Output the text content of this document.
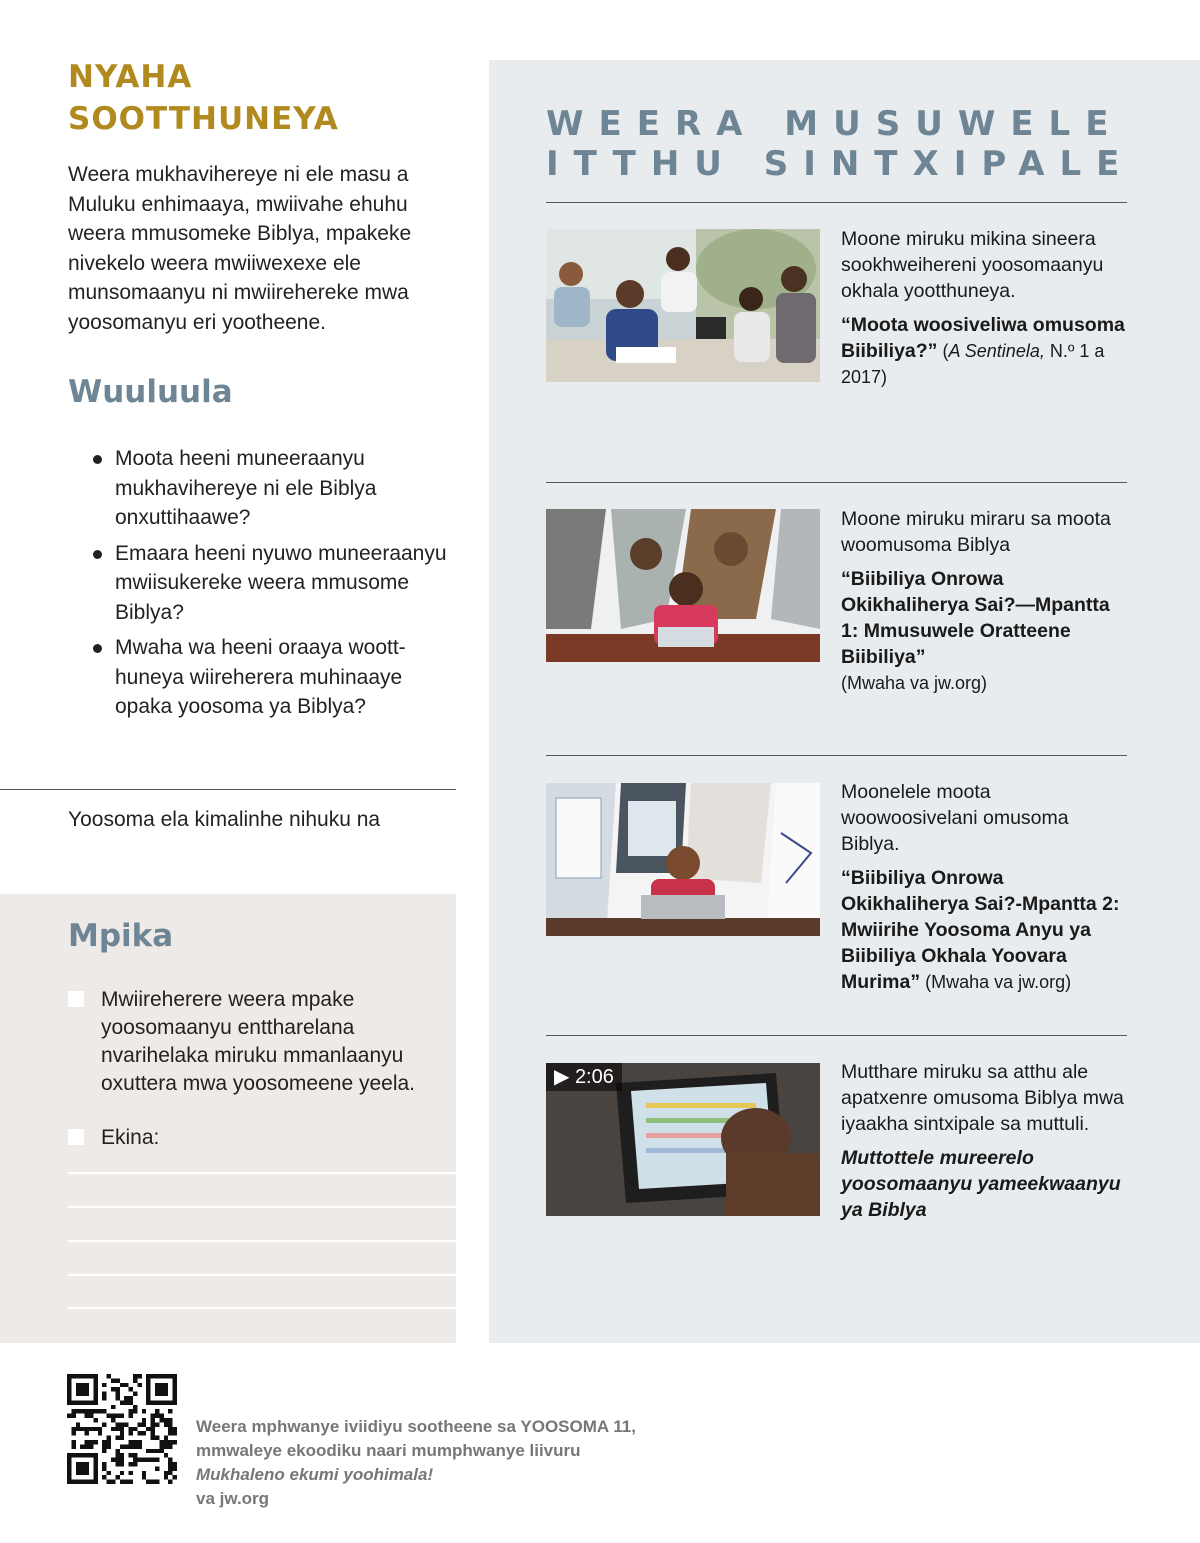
NYAHA
SOOTTHUNEYA

Weera mukhavihereye ni ele masu a Muluku enhimaaya, mwiivahe ehuhu weera mmusomeke Biblya, mpakeke nivekelo weera mwiiwexexe ele munsomaanyu ni mwiirehereke mwa yoosomanyu eri yootheene.

Wuuluula
Moota heeni muneeraanyu mukhavihereye ni ele Biblya onxuttihaawe?
Emaara heeni nyuwo muneeraanyu mwiisukereke weera mmusome Biblya?
Mwaha wa heeni oraaya wootthuneya wiireherera muhinaaye opaka yoosoma ya Biblya?

Yoosoma ela kimalinhe nihuku na

Mpika
Mwiireherere weera mpake yoosomaanyu enttharelana nvarihelaka miruku mmanlaanyu oxuttera mwa yoosomeene yeela.
Ekina:
WEERA MUSUWELE
ITTHU SINTXIPALE
Moone miruku mikina sineera sookhweihereni yoosomaanyu okhala yootthuneya.
“Moota woosiveliwa omusoma Biibiliya?” (A Sentinela, N.º 1 a 2017)
Moone miruku miraru sa moota woomusoma Biblya
“Biibiliya Onrowa Okikhaliherya Sai?—Mpantta 1: Mmusuwele Oratteene Biibiliya”
(Mwaha va jw.org)
Moonelele moota woowoosivelani omusoma Biblya.
“Biibiliya Onrowa Okikhaliherya Sai?-Mpantta 2: Mwiirihe Yoosoma Anyu ya Biibiliya Okhala Yoovara Murima” (Mwaha va jw.org)
▶ 2:06	Mutthare miruku sa atthu ale apatxenre omusoma Biblya mwa iyaakha sintxipale sa muttuli.
Muttottele mureerelo yoosomaanyu yameekwaanyu ya Biblya

Weera mphwanye iviidiyu sootheene sa YOOSOMA 11,
mmwaleye ekoodiku naari mumphwanye liivuru
Mukhaleno ekumi yoohimala!
va jw.org
